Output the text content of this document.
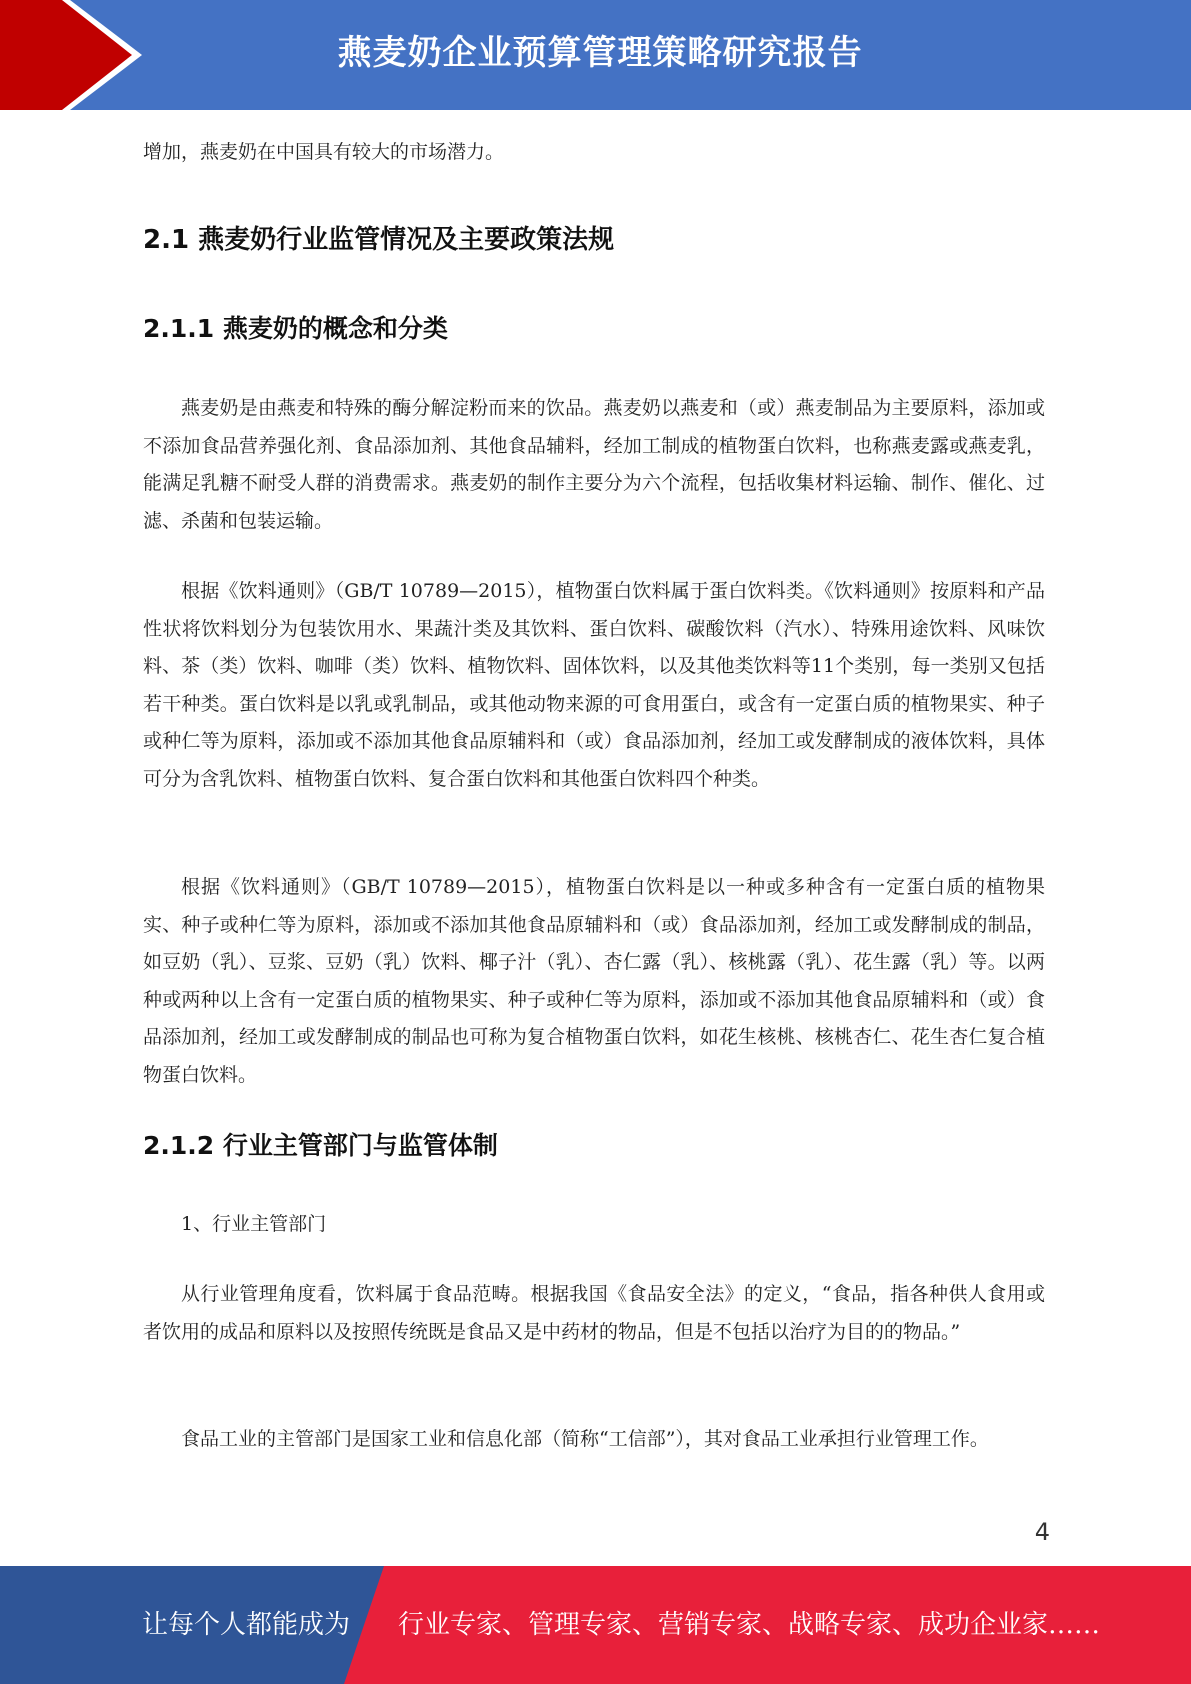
燕麦奶企业预算管理策略研究报告

增加，燕麦奶在中国具有较大的市场潜力。

2.1 燕麦奶行业监管情况及主要政策法规
2.1.1 燕麦奶的概念和分类

燕麦奶是由燕麦和特殊的酶分解淀粉而来的饮品。燕麦奶以燕麦和（或）燕麦制品为主要原料，添加或不添加食品营养强化剂、食品添加剂、其他食品辅料，经加工制成的植物蛋白饮料，也称燕麦露或燕麦乳，能满足乳糖不耐受人群的消费需求。燕麦奶的制作主要分为六个流程，包括收集材料运输、制作、催化、过滤、杀菌和包装运输。

根据《饮料通则》（GB/T 10789—2015），植物蛋白饮料属于蛋白饮料类。《饮料通则》按原料和产品性状将饮料划分为包装饮用水、果蔬汁类及其饮料、蛋白饮料、碳酸饮料（汽水）、特殊用途饮料、风味饮料、茶（类）饮料、咖啡（类）饮料、植物饮料、固体饮料，以及其他类饮料等11个类别，每一类别又包括若干种类。蛋白饮料是以乳或乳制品，或其他动物来源的可食用蛋白，或含有一定蛋白质的植物果实、种子或种仁等为原料，添加或不添加其他食品原辅料和（或）食品添加剂，经加工或发酵制成的液体饮料，具体可分为含乳饮料、植物蛋白饮料、复合蛋白饮料和其他蛋白饮料四个种类。

根据《饮料通则》（GB/T 10789—2015），植物蛋白饮料是以一种或多种含有一定蛋白质的植物果实、种子或种仁等为原料，添加或不添加其他食品原辅料和（或）食品添加剂，经加工或发酵制成的制品，如豆奶（乳）、豆浆、豆奶（乳）饮料、椰子汁（乳）、杏仁露（乳）、核桃露（乳）、花生露（乳）等。以两种或两种以上含有一定蛋白质的植物果实、种子或种仁等为原料，添加或不添加其他食品原辅料和（或）食品添加剂，经加工或发酵制成的制品也可称为复合植物蛋白饮料，如花生核桃、核桃杏仁、花生杏仁复合植物蛋白饮料。

2.1.2 行业主管部门与监管体制

1、行业主管部门

从行业管理角度看，饮料属于食品范畴。根据我国《食品安全法》的定义，“食品，指各种供人食用或者饮用的成品和原料以及按照传统既是食品又是中药材的物品，但是不包括以治疗为目的的物品。”

食品工业的主管部门是国家工业和信息化部（简称“工信部”），其对食品工业承担行业管理工作。

4
让每个人都能成为 行业专家、管理专家、营销专家、战略专家、成功企业家……
